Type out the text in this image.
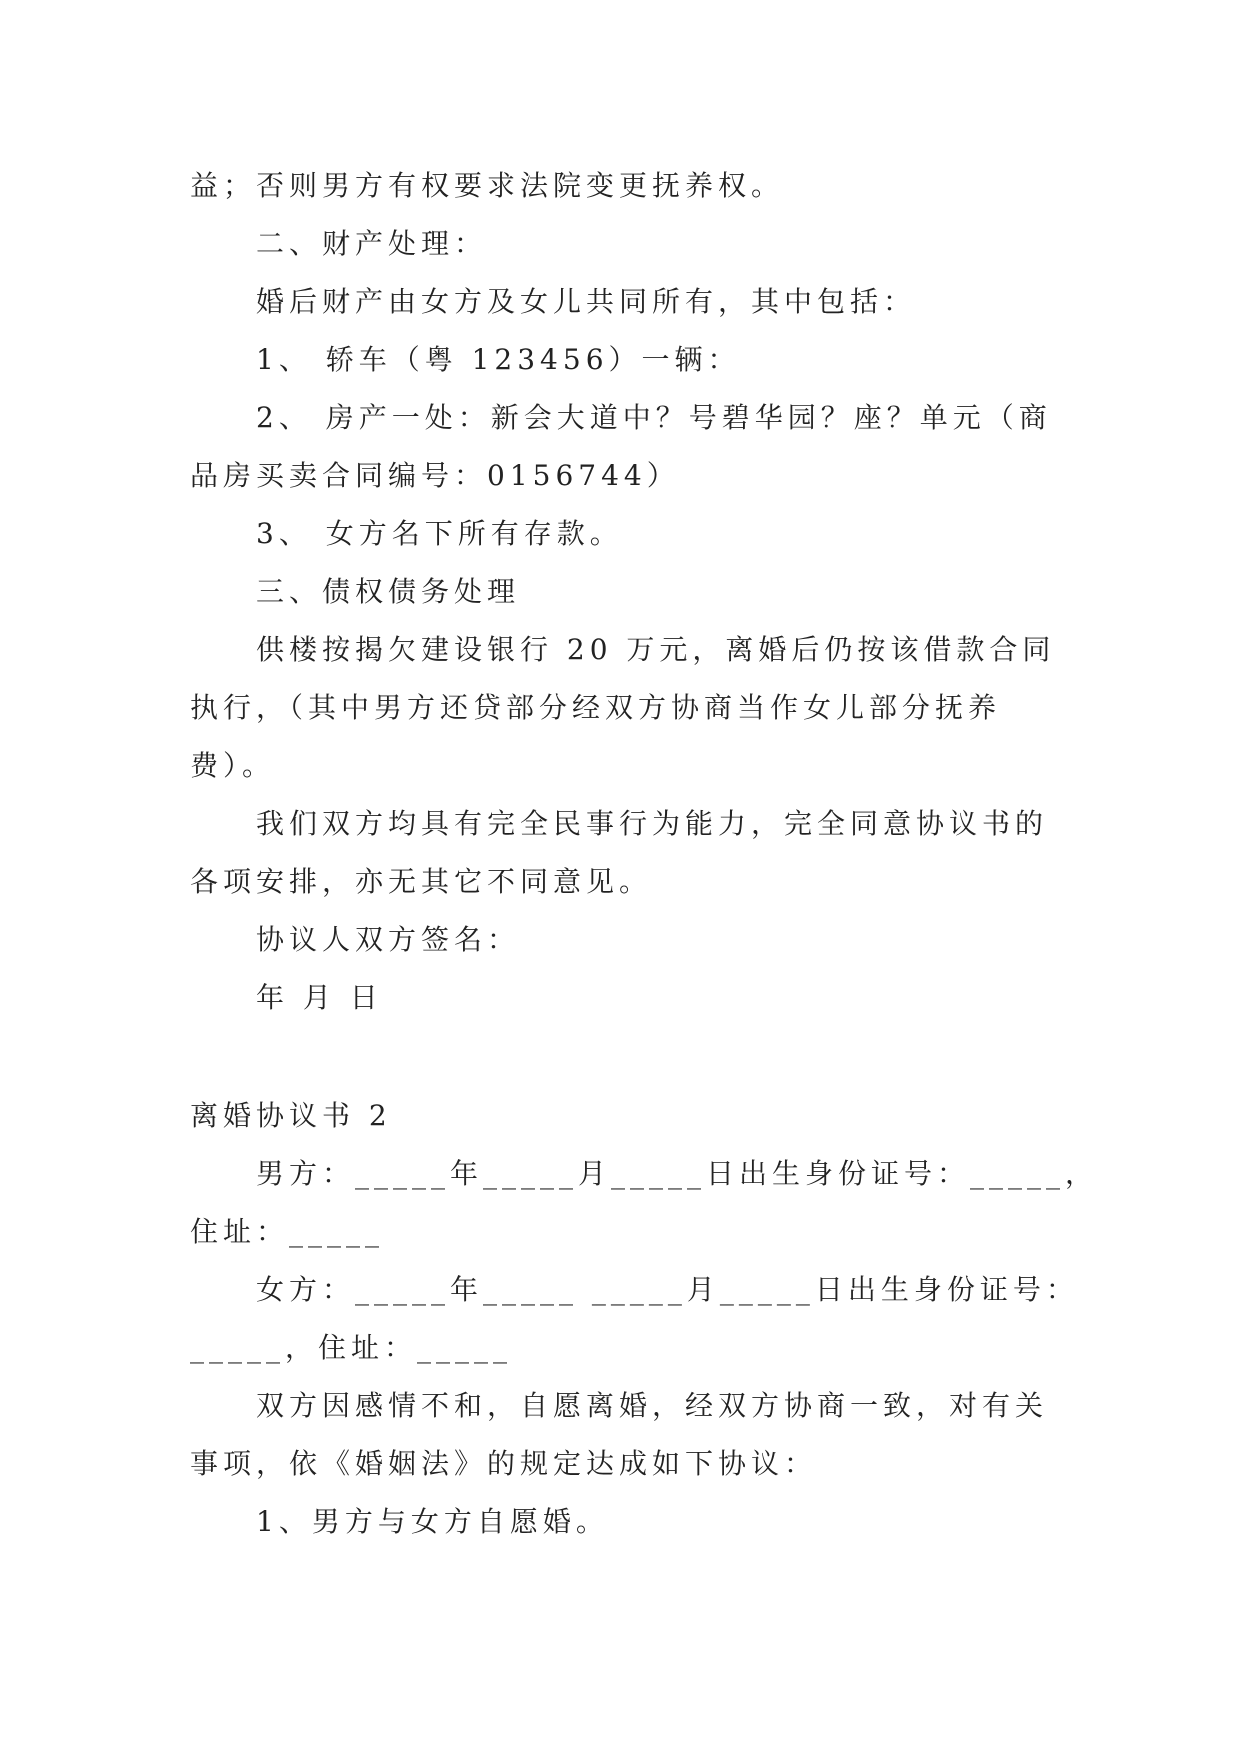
益；否则男方有权要求法院变更抚养权。
二、财产处理：
婚后财产由女方及女儿共同所有，其中包括：
1、 轿车（粤 123456）一辆：
2、 房产一处：新会大道中？号碧华园？座？单元（商
品房买卖合同编号：0156744）
3、 女方名下所有存款。
三、债权债务处理
供楼按揭欠建设银行 20 万元，离婚后仍按该借款合同
执行，（其中男方还贷部分经双方协商当作女儿部分抚养
费）。
我们双方均具有完全民事行为能力，完全同意协议书的
各项安排，亦无其它不同意见。
协议人双方签名：
年 月 日
离婚协议书 2
男方：_____年_____月_____日出生身份证号：_____，
住址：_____
女方：_____年_____ _____月_____日出生身份证号：
_____，住址：_____
双方因感情不和，自愿离婚，经双方协商一致，对有关
事项，依《婚姻法》的规定达成如下协议：
1、男方与女方自愿婚。
